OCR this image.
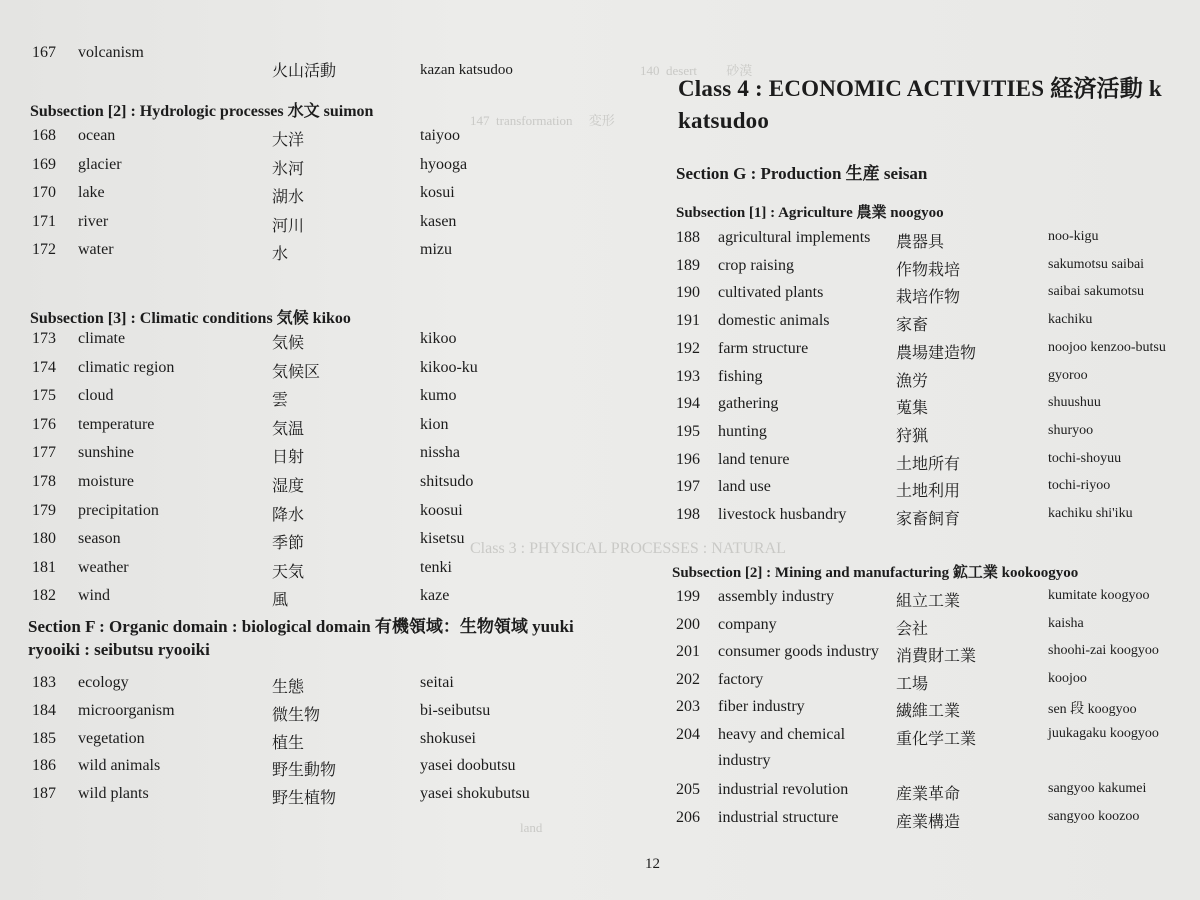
140  desert         砂漠
147  transformation     変形
Class 3 : PHYSICAL PROCESSES : NATURAL
land
167 volcanism
火山活動	kazan katsudoo
Subsection [2] : Hydrologic processes 水文 suimon
168 ocean	大洋	taiyoo
169 glacier	氷河	hyooga
170 lake	湖水	kosui
171 river	河川	kasen
172 water	水	mizu
Subsection [3] : Climatic conditions 気候 kikoo
173 climate	気候	kikoo
174 climatic region	気候区	kikoo-ku
175 cloud	雲	kumo
176 temperature	気温	kion
177 sunshine	日射	nissha
178 moisture	湿度	shitsudo
179 precipitation	降水	koosui
180 season	季節	kisetsu
181 weather	天気	tenki
182 wind	風	kaze
Section F : Organic domain : biological domain 有機領域：生物領域 yuuki
ryooiki : seibutsu ryooiki
183 ecology	生態	seitai
184 microorganism	微生物	bi-seibutsu
185 vegetation	植生	shokusei
186 wild animals	野生動物	yasei doobutsu
187 wild plants	野生植物	yasei shokubutsu
Class 4 : ECONOMIC ACTIVITIES 経済活動 k
katsudoo
Section G : Production 生産 seisan
Subsection [1] : Agriculture 農業 noogyoo
188 agricultural implements 農器具	noo-kigu
189 crop raising	作物栽培	sakumotsu saibai
190 cultivated plants	栽培作物	saibai sakumotsu
191 domestic animals	家畜	kachiku
192 farm structure	農場建造物	noojoo kenzoo-butsu
193 fishing	漁労	gyoroo
194 gathering	蒐集	shuushuu
195 hunting	狩猟	shuryoo
196 land tenure	土地所有	tochi-shoyuu
197 land use	土地利用	tochi-riyoo
198 livestock husbandry	家畜飼育	kachiku shi'iku
Subsection [2] : Mining and manufacturing 鉱工業 kookoogyoo
199 assembly industry	組立工業	kumitate koogyoo
200 company	会社	kaisha
201 consumer goods industry 消費財工業	shoohi-zai koogyoo
202 factory	工場	koojoo
203 fiber industry	繊維工業	sen 段 koogyoo
204 heavy and chemical	重化学工業	juukagaku koogyoo
industry
205 industrial revolution	産業革命	sangyoo kakumei
206 industrial structure	産業構造	sangyoo koozoo
12
